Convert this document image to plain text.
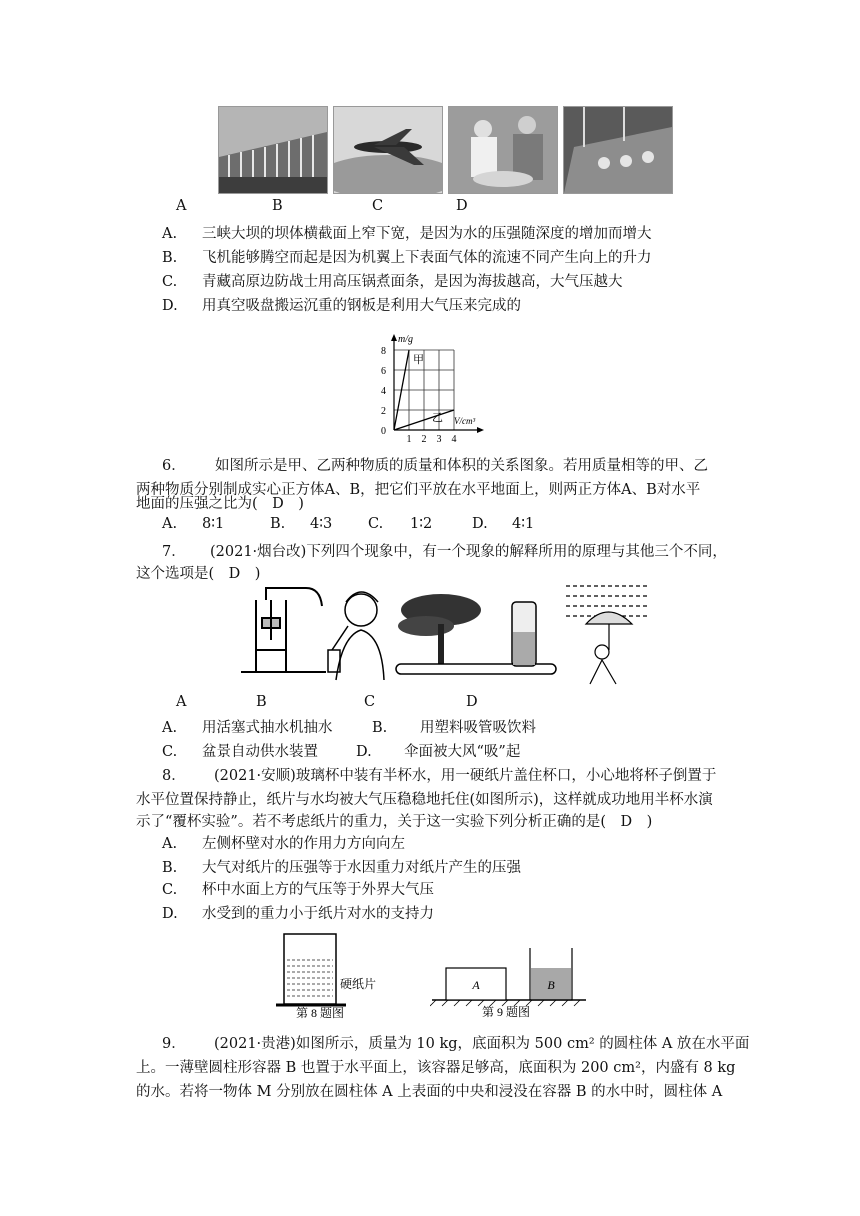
A	B	C	D
A. 三峡大坝的坝体横截面上窄下宽，是因为水的压强随深度的增加而增大
B. 飞机能够腾空而起是因为机翼上下表面气体的流速不同产生向上的升力
C. 青藏高原边防战士用高压锅煮面条，是因为海拔越高，大气压越大
D. 用真空吸盘搬运沉重的钢板是利用大气压来完成的
m/g
V/cm³
甲
乙
8
6
4
2
0
1 2 3 4
6． 如图所示是甲、乙两种物质的质量和体积的关系图象。若用质量相等的甲、乙
两种物质分别制成实心正方体A、B，把它们平放在水平地面上，则两正方体A、B对水平
地面的压强之比为(　D　)
A. 8∶1	B. 4∶3 C. 1∶2	D. 4∶1
7． (2021·烟台改)下列四个现象中，有一个现象的解释所用的原理与其他三个不同，
这个选项是(　D　)
A	B	C	D
A. 用活塞式抽水机抽水	B. 用塑料吸管吸饮料
C. 盆景自动供水装置	D. 伞面被大风“吸”起
8． (2021·安顺)玻璃杯中装有半杯水，用一硬纸片盖住杯口，小心地将杯子倒置于
水平位置保持静止，纸片与水均被大气压稳稳地托住(如图所示)，这样就成功地用半杯水演
示了“覆杯实验”。若不考虑纸片的重力，关于这一实验下列分析正确的是(　D　)
A. 左侧杯壁对水的作用力方向向左
B. 大气对纸片的压强等于水因重力对纸片产生的压强
C. 杯中水面上方的气压等于外界大气压
D. 水受到的重力小于纸片对水的支持力
硬纸片
第 8 题图
A	B
第 9 题图
9． (2021·贵港)如图所示，质量为 10 kg，底面积为 500 cm² 的圆柱体 A 放在水平面
上。一薄壁圆柱形容器 B 也置于水平面上，该容器足够高，底面积为 200 cm²，内盛有 8 kg
的水。若将一物体 M 分别放在圆柱体 A 上表面的中央和浸没在容器 B 的水中时，圆柱体 A
